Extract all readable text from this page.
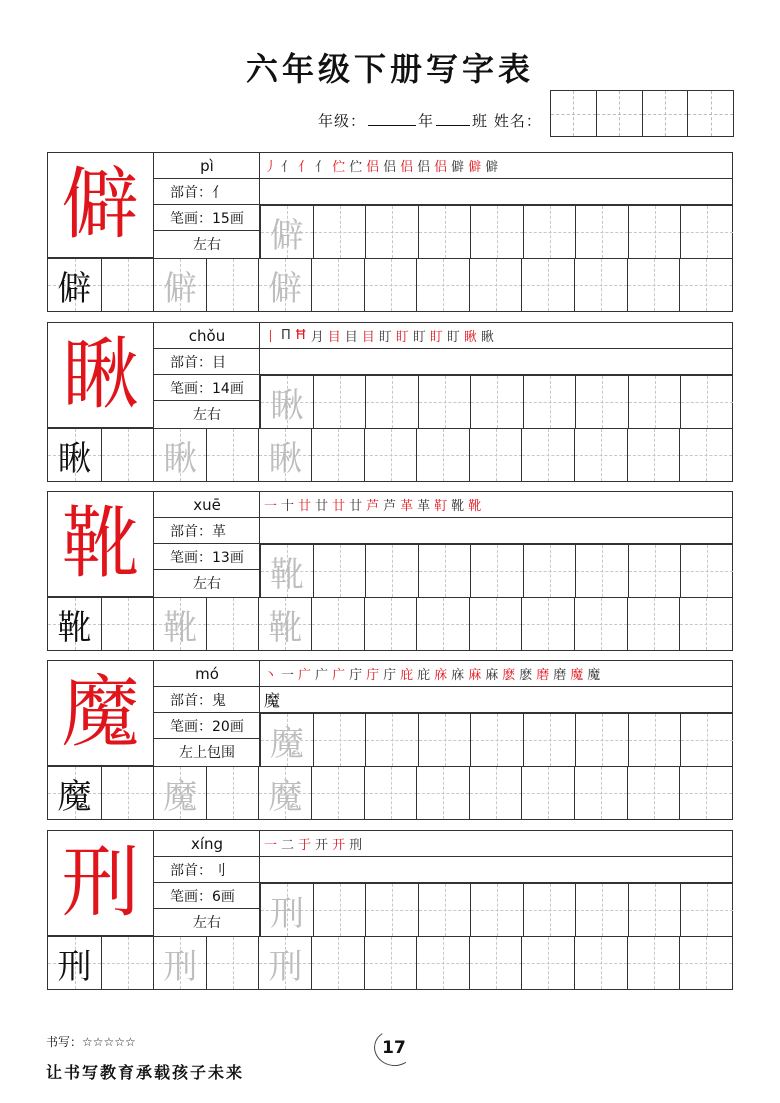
六年级下册写字表
年级：	年	班 姓名：
僻	pì
部首：亻
笔画：15画
左右
丿 亻 亻 亻 伫 伫 侣 侣 侣 侣 侣 僻 僻 僻
僻
僻 僻 僻
瞅	chǒu
部首：目
笔画：14画
左右
丨 П Ħ 月 目 目 目 盯 盯 盯 盯 盯 瞅 瞅
瞅
瞅 瞅 瞅
靴	xuē
部首：革
笔画：13画
左右
一 十 廿 廿 廿 廿 芦 芦 革 革 靪 靴 靴
靴
靴 靴 靴
魔	mó
部首：鬼
笔画：20画
左上包围
丶 一 广 广 广 庁 庁 庁 庇 庇 庥 庥 麻 麻 麽 麽 磨 磨 魔 魔
魔
魔
魔 魔 魔
刑	xíng
部首：刂
笔画：6画
左右
一 二 于 开 开 刑
刑
刑 刑 刑
书写：☆☆☆☆☆	17
让书写教育承载孩子未来
